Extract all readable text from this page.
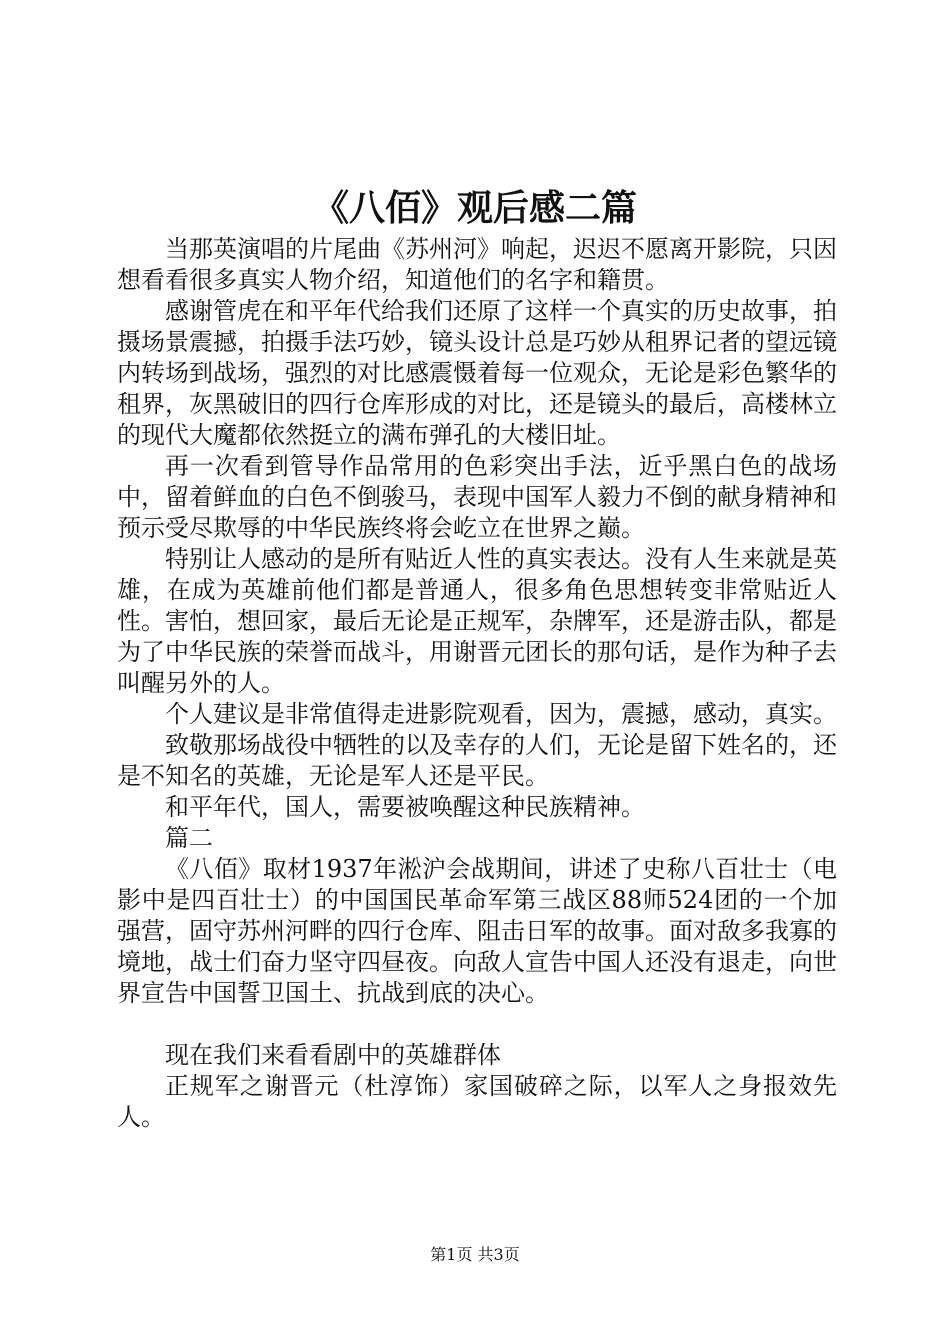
《八佰》观后感二篇

当那英演唱的片尾曲《苏州河》响起，迟迟不愿离开影院，只因想看看很多真实人物介绍，知道他们的名字和籍贯。

感谢管虎在和平年代给我们还原了这样一个真实的历史故事，拍摄场景震撼，拍摄手法巧妙，镜头设计总是巧妙从租界记者的望远镜内转场到战场，强烈的对比感震慑着每一位观众，无论是彩色繁华的租界，灰黑破旧的四行仓库形成的对比，还是镜头的最后，高楼林立的现代大魔都依然挺立的满布弹孔的大楼旧址。

再一次看到管导作品常用的色彩突出手法，近乎黑白色的战场中，留着鲜血的白色不倒骏马，表现中国军人毅力不倒的献身精神和预示受尽欺辱的中华民族终将会屹立在世界之巅。

特别让人感动的是所有贴近人性的真实表达。没有人生来就是英雄，在成为英雄前他们都是普通人，很多角色思想转变非常贴近人性。害怕，想回家，最后无论是正规军，杂牌军，还是游击队，都是为了中华民族的荣誉而战斗，用谢晋元团长的那句话，是作为种子去叫醒另外的人。

个人建议是非常值得走进影院观看，因为，震撼，感动，真实。

致敬那场战役中牺牲的以及幸存的人们，无论是留下姓名的，还是不知名的英雄，无论是军人还是平民。

和平年代，国人，需要被唤醒这种民族精神。

篇二

《八佰》取材1937年淞沪会战期间，讲述了史称八百壮士（电影中是四百壮士）的中国国民革命军第三战区88师524团的一个加强营，固守苏州河畔的四行仓库、阻击日军的故事。面对敌多我寡的境地，战士们奋力坚守四昼夜。向敌人宣告中国人还没有退走，向世界宣告中国誓卫国土、抗战到底的决心。

现在我们来看看剧中的英雄群体

正规军之谢晋元（杜淳饰）家国破碎之际，以军人之身报效先人。

第1页 共3页
